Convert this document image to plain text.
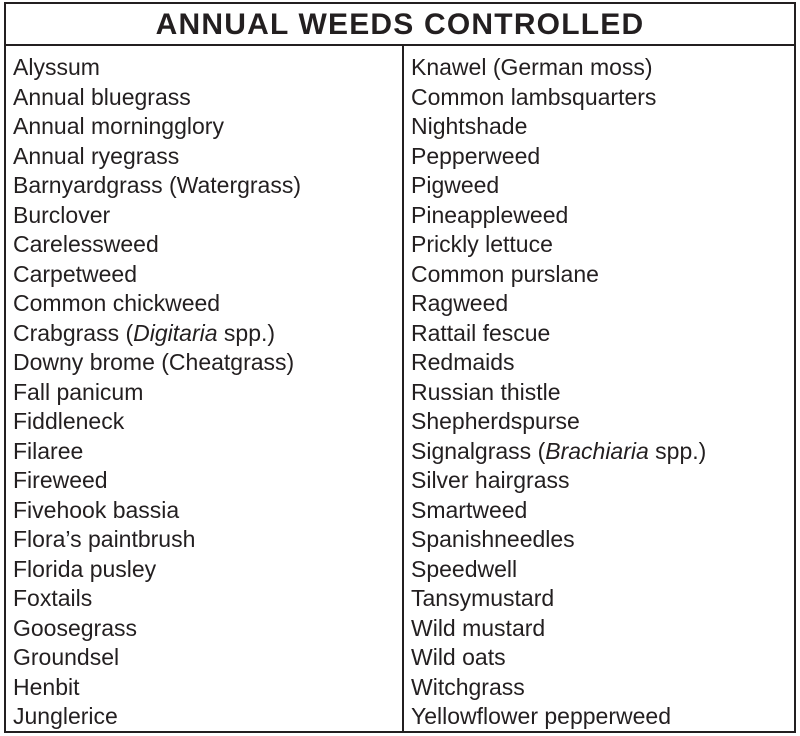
ANNUAL WEEDS CONTROLLED
Alyssum
Annual bluegrass
Annual morningglory
Annual ryegrass
Barnyardgrass (Watergrass)
Burclover
Carelessweed
Carpetweed
Common chickweed
Crabgrass (Digitaria spp.)
Downy brome (Cheatgrass)
Fall panicum
Fiddleneck
Filaree
Fireweed
Fivehook bassia
Flora’s paintbrush
Florida pusley
Foxtails
Goosegrass
Groundsel
Henbit
Junglerice
Knawel (German moss)
Common lambsquarters
Nightshade
Pepperweed
Pigweed
Pineappleweed
Prickly lettuce
Common purslane
Ragweed
Rattail fescue
Redmaids
Russian thistle
Shepherdspurse
Signalgrass (Brachiaria spp.)
Silver hairgrass
Smartweed
Spanishneedles
Speedwell
Tansymustard
Wild mustard
Wild oats
Witchgrass
Yellowflower pepperweed
